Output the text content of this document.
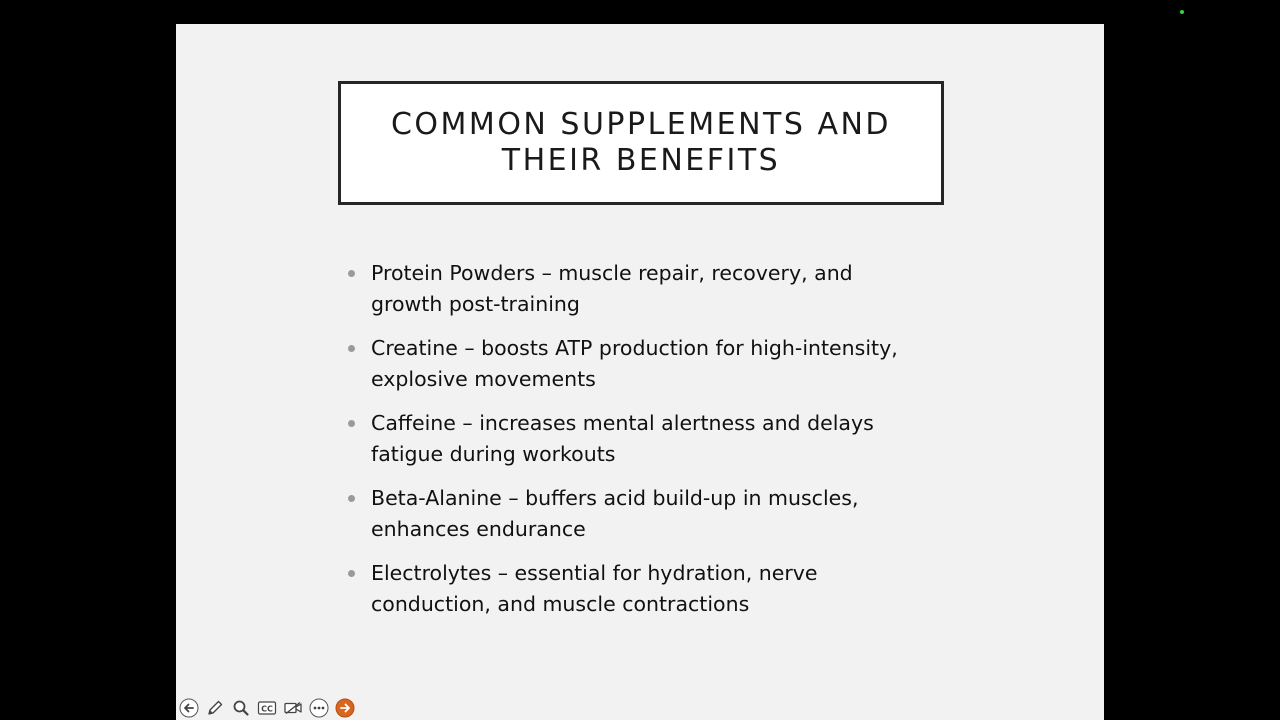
COMMON SUPPLEMENTS AND
THEIR BENEFITS
Protein Powders – muscle repair, recovery, and
growth post-training
Creatine – boosts ATP production for high-intensity,
explosive movements
Caffeine – increases mental alertness and delays
fatigue during workouts
Beta-Alanine – buffers acid build-up in muscles,
enhances endurance
Electrolytes – essential for hydration, nerve
conduction, and muscle contractions
CC
